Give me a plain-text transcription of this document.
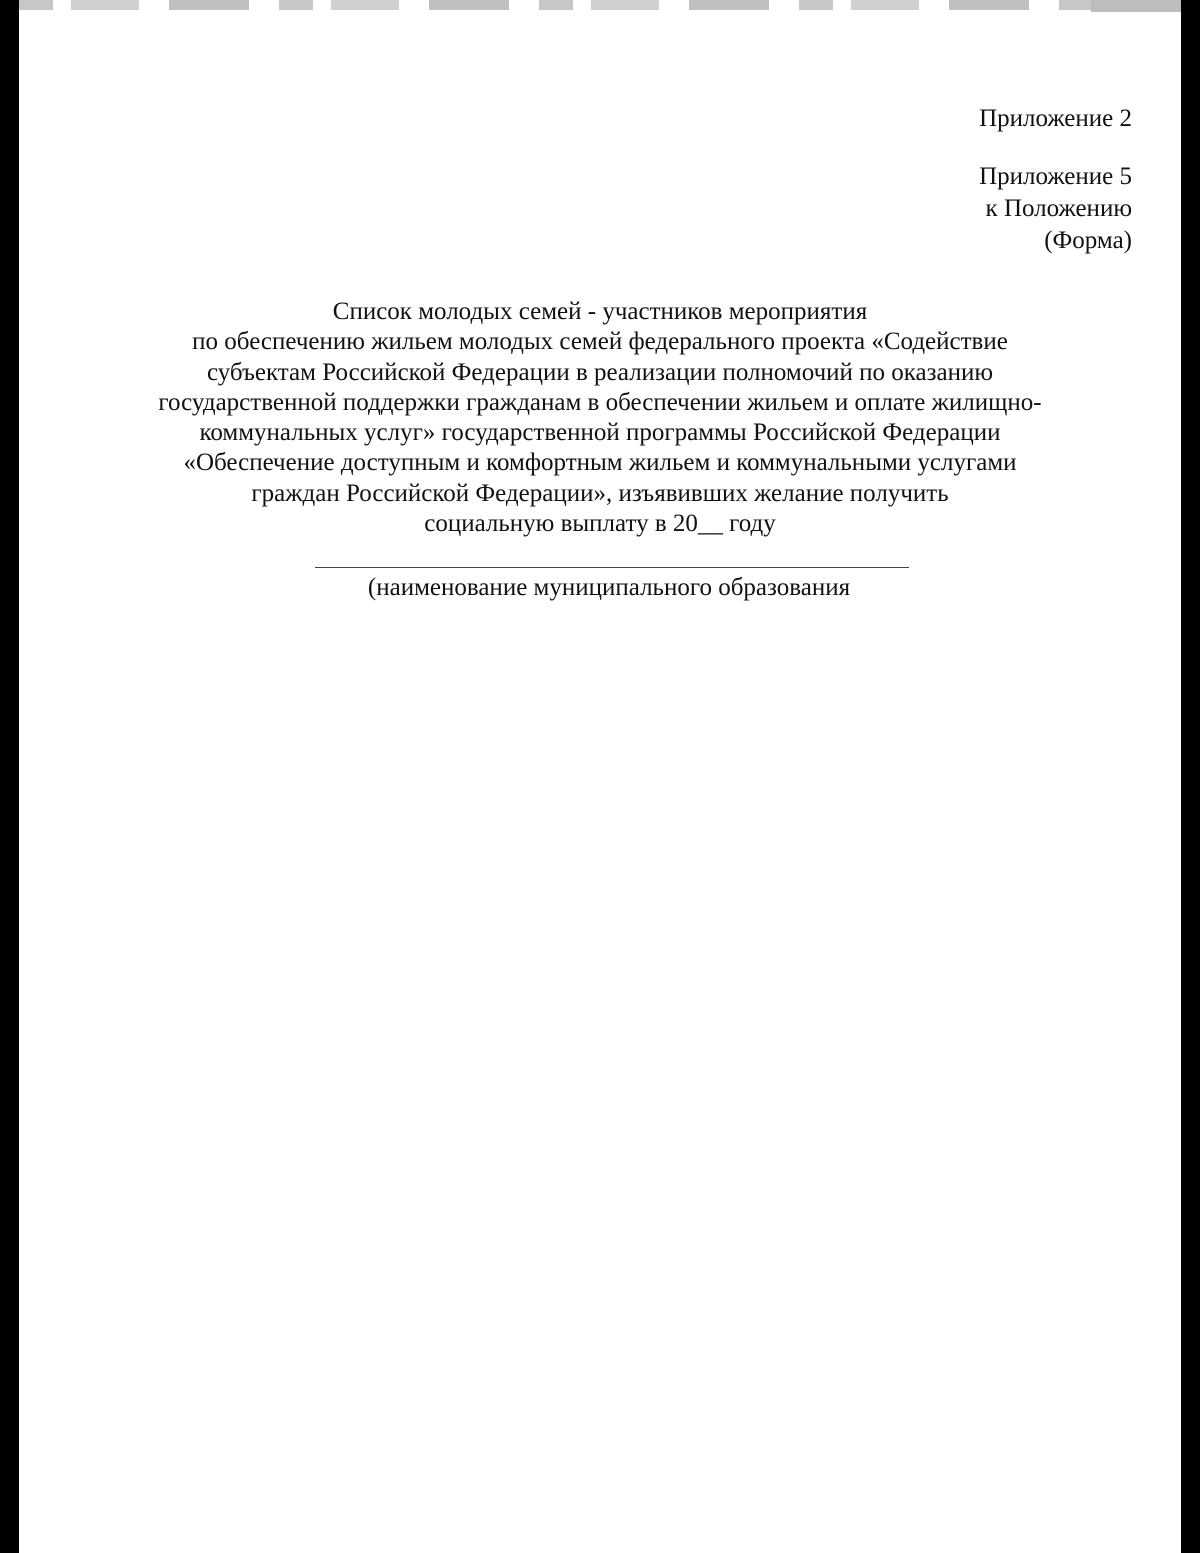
Приложение 2
Приложение 5
к Положению
(Форма)
Список молодых семей - участников мероприятия
по обеспечению жильем молодых семей федерального проекта «Содействие
субъектам Российской Федерации в реализации полномочий по оказанию
государственной поддержки гражданам в обеспечении жильем и оплате жилищно-
коммунальных услуг» государственной программы Российской Федерации
«Обеспечение доступным и комфортным жильем и коммунальными услугами
граждан Российской Федерации», изъявивших желание получить
социальную выплату в 20__ году
(наименование муниципального образования
